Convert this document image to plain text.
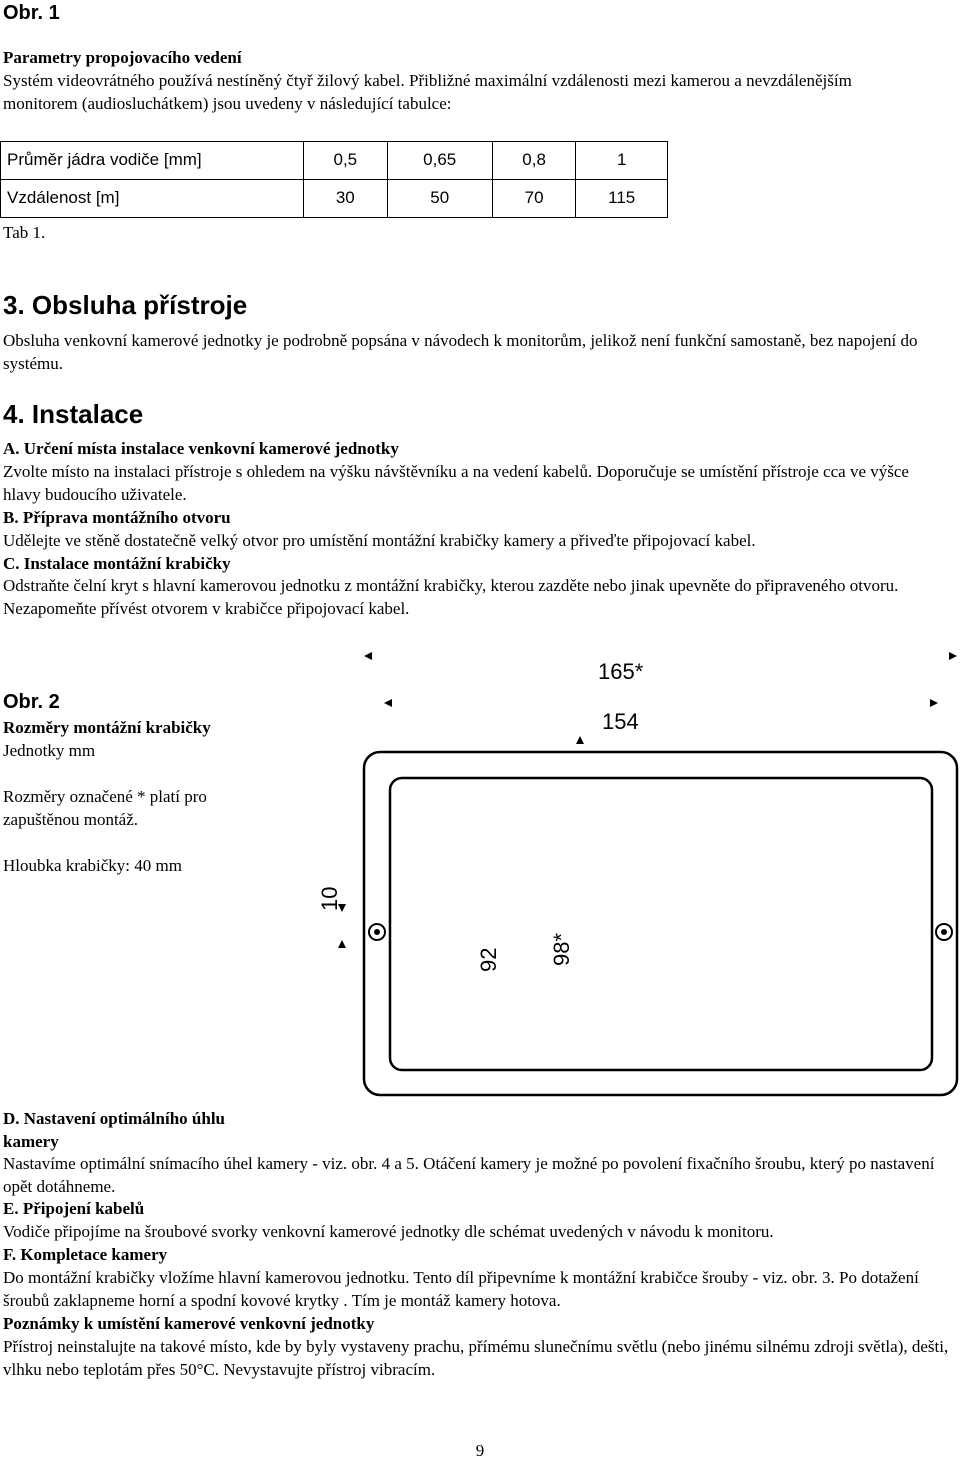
Obr. 1
Parametry propojovacího vedení

Systém videovrátného používá nestíněný čtyř žilový kabel. Přibližné maximální vzdálenosti mezi kamerou a nevzdálenějším monitorem (audiosluchátkem) jsou uvedeny v následující tabulce:

Průměr jádra vodiče [mm]	0,5	0,65	0,8	1
Vzdálenost [m]	30	50	70	115
Tab 1.
3. Obsluha přístroje

Obsluha venkovní kamerové jednotky je podrobně popsána v návodech k monitorům, jelikož není funkční samostaně, bez napojení do systému.

4. Instalace
A. Určení místa instalace venkovní kamerové jednotky

Zvolte místo na instalaci přístroje s ohledem na výšku návštěvníku a na vedení kabelů. Doporučuje se umístění přístroje cca ve výšce hlavy budoucího uživatele.

B. Příprava montážního otvoru

Udělejte ve stěně dostatečně velký otvor pro umístění montážní krabičky kamery a přiveďte připojovací kabel.

C. Instalace montážní krabičky

Odstraňte čelní kryt s hlavní kamerovou jednotku z montážní krabičky, kterou zazděte nebo jinak upevněte do připraveného otvoru. Nezapomeňte přívést otvorem v krabičce připojovací kabel.

Obr. 2
Rozměry montážní krabičky
Jednotky mm

Rozměry označené * platí pro zapuštěnou montáž.

Hloubka krabičky: 40 mm
165*
154
10
92 98*
D. Nastavení optimálního úhlu kamery

Nastavíme optimální snímacího úhel kamery - viz. obr. 4 a 5. Otáčení kamery je možné po povolení fixačního šroubu, který po nastavení opět dotáhneme.

E. Připojení kabelů

Vodiče připojíme na šroubové svorky venkovní kamerové jednotky dle schémat uvedených v návodu k monitoru.

F. Kompletace kamery

Do montážní krabičky vložíme hlavní kamerovou jednotku. Tento díl připevníme k montážní krabičce šrouby - viz. obr. 3. Po dotažení šroubů zaklapneme horní a spodní kovové krytky . Tím je montáž kamery hotova.

Poznámky k umístění kamerové venkovní jednotky

Přístroj neinstalujte na takové místo, kde by byly vystaveny prachu, přímému slunečnímu světlu (nebo jinému silnému zdroji světla), dešti, vlhku nebo teplotám přes 50°C. Nevystavujte přístroj vibracím.

9
